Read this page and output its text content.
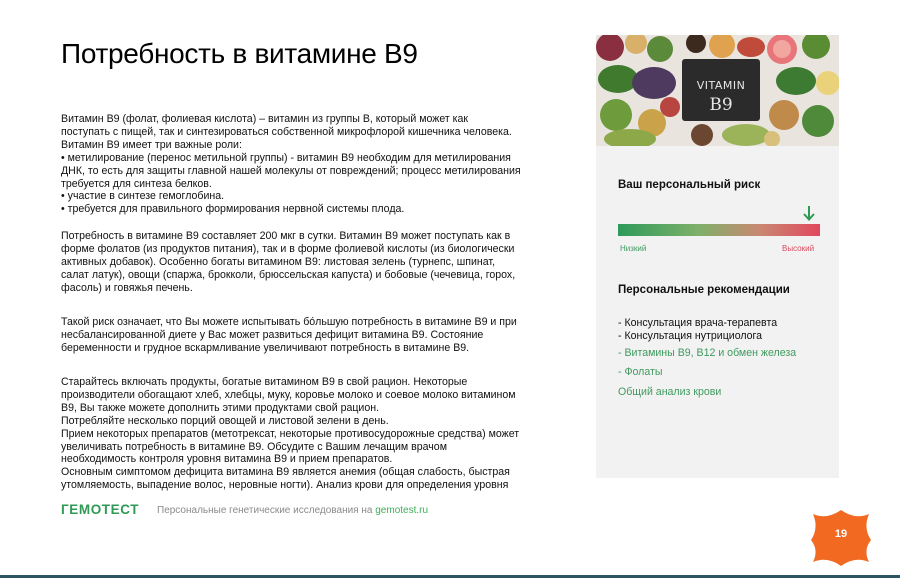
Потребность в витамине В9

Витамин В9 (фолат, фолиевая кислота) – витамин из группы В, который может как
поступать с пищей, так и синтезироваться собственной микрофлорой кишечника человека.
Витамин В9 имеет три важные роли:
• метилирование (перенос метильной группы) - витамин В9 необходим для метилирования
ДНК, то есть для защиты главной нашей молекулы от повреждений; процесс метилирования
требуется для синтеза белков.
• участие в синтезе гемоглобина.
• требуется для правильного формирования нервной системы плода.

Потребность в витамине В9 составляет 200 мкг в сутки. Витамин В9 может поступать как в
форме фолатов (из продуктов питания), так и в форме фолиевой кислоты (из биологически
активных добавок). Особенно богаты витамином В9: листовая зелень (турнепс, шпинат,
салат латук), овощи (спаржа, брокколи, брюссельская капуста) и бобовые (чечевица, горох,
фасоль) и говяжья печень.

Такой риск означает, что Вы можете испытывать бóльшую потребность в витамине В9 и при
несбалансированной диете у Вас может развиться дефицит витамина В9. Состояние
беременности и грудное вскармливание увеличивают потребность в витамине В9.

Старайтесь включать продукты, богатые витамином В9 в свой рацион. Некоторые
производители обогащают хлеб, хлебцы, муку, коровье молоко и соевое молоко витамином
В9, Вы также можете дополнить этими продуктами свой рацион.
Потребляйте несколько порций овощей и листовой зелени в день.
Прием некоторых препаратов (метотрексат, некоторые противосудорожные средства) может
увеличивать потребность в витамине В9. Обсудите с Вашим лечащим врачом
необходимость контроля уровня витамина В9 и прием препаратов.
Основным симптомом дефицита витамина В9 является анемия (общая слабость, быстрая
утомляемость, выпадение волос, неровные ногти). Анализ крови для определения уровня

VITAMIN
B9
Ваш персональный риск
Низкий	Высокий
Персональные рекомендации
- Консультация врача-терапевта
- Консультация нутрициолога
- Витамины В9, В12 и обмен железа
- Фолаты
Общий анализ крови
ГЕМОТЕСТ Персональные генетические исследования на gemotest.ru
19
